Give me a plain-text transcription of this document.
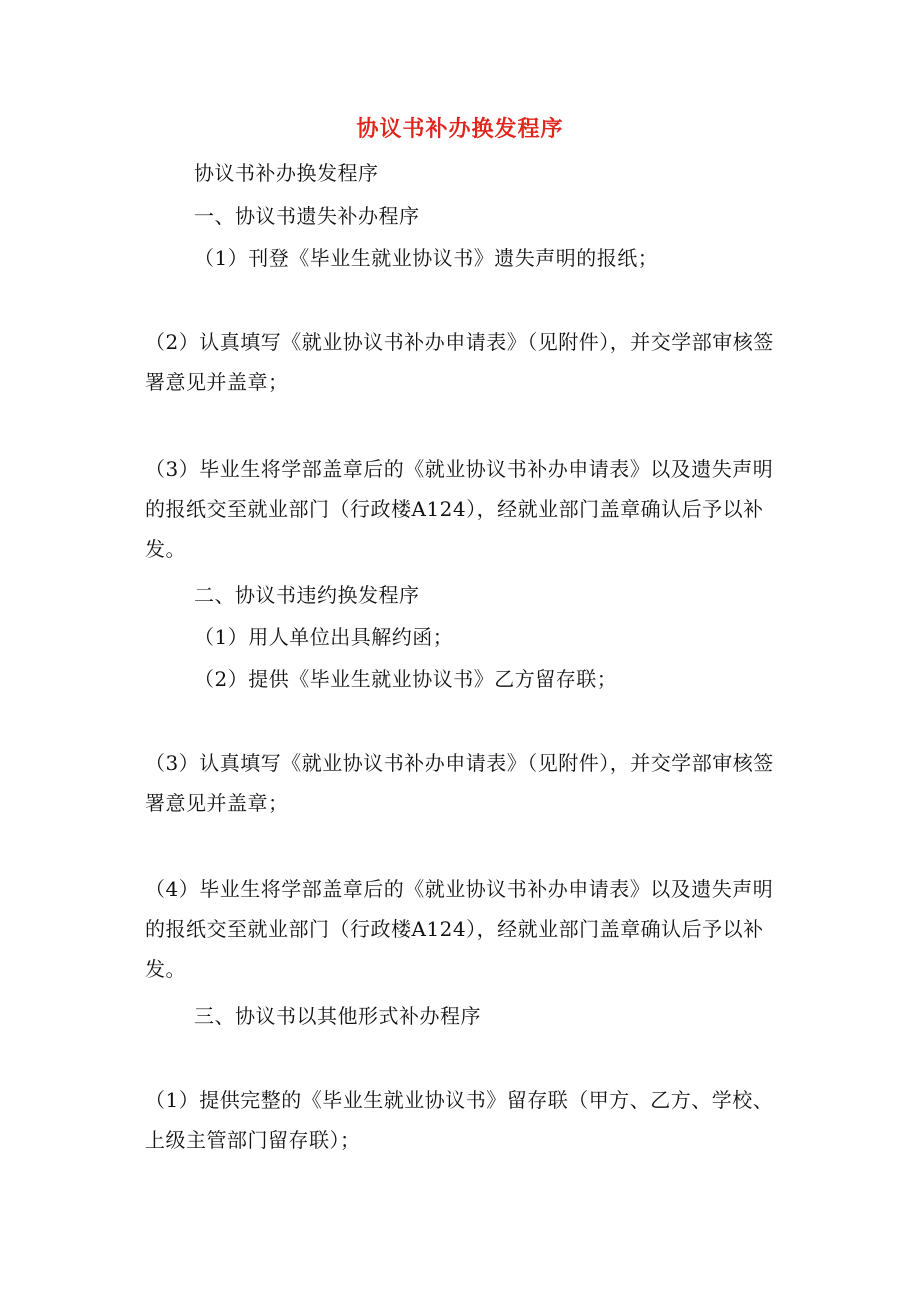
协议书补办换发程序
协议书补办换发程序
一、协议书遗失补办程序
（1）刊登《毕业生就业协议书》遗失声明的报纸；
（2）认真填写《就业协议书补办申请表》（见附件），并交学部审核签署意见并盖章；
（3）毕业生将学部盖章后的《就业协议书补办申请表》以及遗失声明的报纸交至就业部门（行政楼A124），经就业部门盖章确认后予以补发。
二、协议书违约换发程序
（1）用人单位出具解约函；
（2）提供《毕业生就业协议书》乙方留存联；
（3）认真填写《就业协议书补办申请表》（见附件），并交学部审核签署意见并盖章；
（4）毕业生将学部盖章后的《就业协议书补办申请表》以及遗失声明的报纸交至就业部门（行政楼A124），经就业部门盖章确认后予以补发。
三、协议书以其他形式补办程序
（1）提供完整的《毕业生就业协议书》留存联（甲方、乙方、学校、上级主管部门留存联）；
